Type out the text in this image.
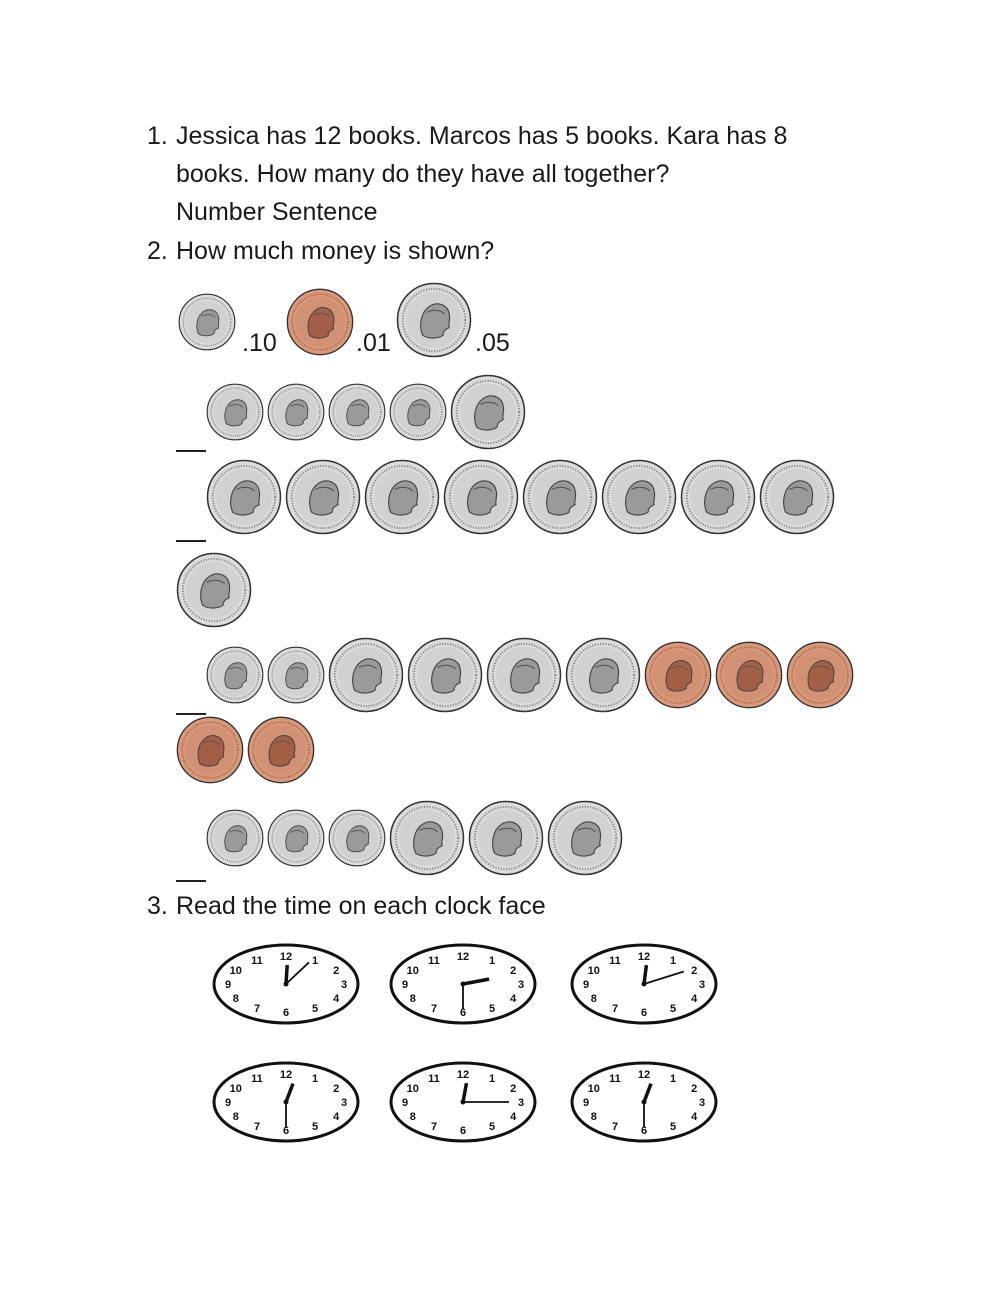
1. Jessica has 12 books. Marcos has 5 books. Kara has 8
books. How many do they have all together?
Number Sentence
2. How much money is shown?
.10	.01	.05
3. Read the time on each clock face
1
2
3
4
5
6
7
8
9
10
11 12	1
2
3
4
5
6
7
8
9
10
11 12	1
2
3
4
5
6
7
8
9
10
11 12
1
2
3
4
5
6
7
8
9
10
11 12	1
2
3
4
5
6
7
8
9
10
11 12	1
2
3
4
5
6
7
8
9
10
11 12
